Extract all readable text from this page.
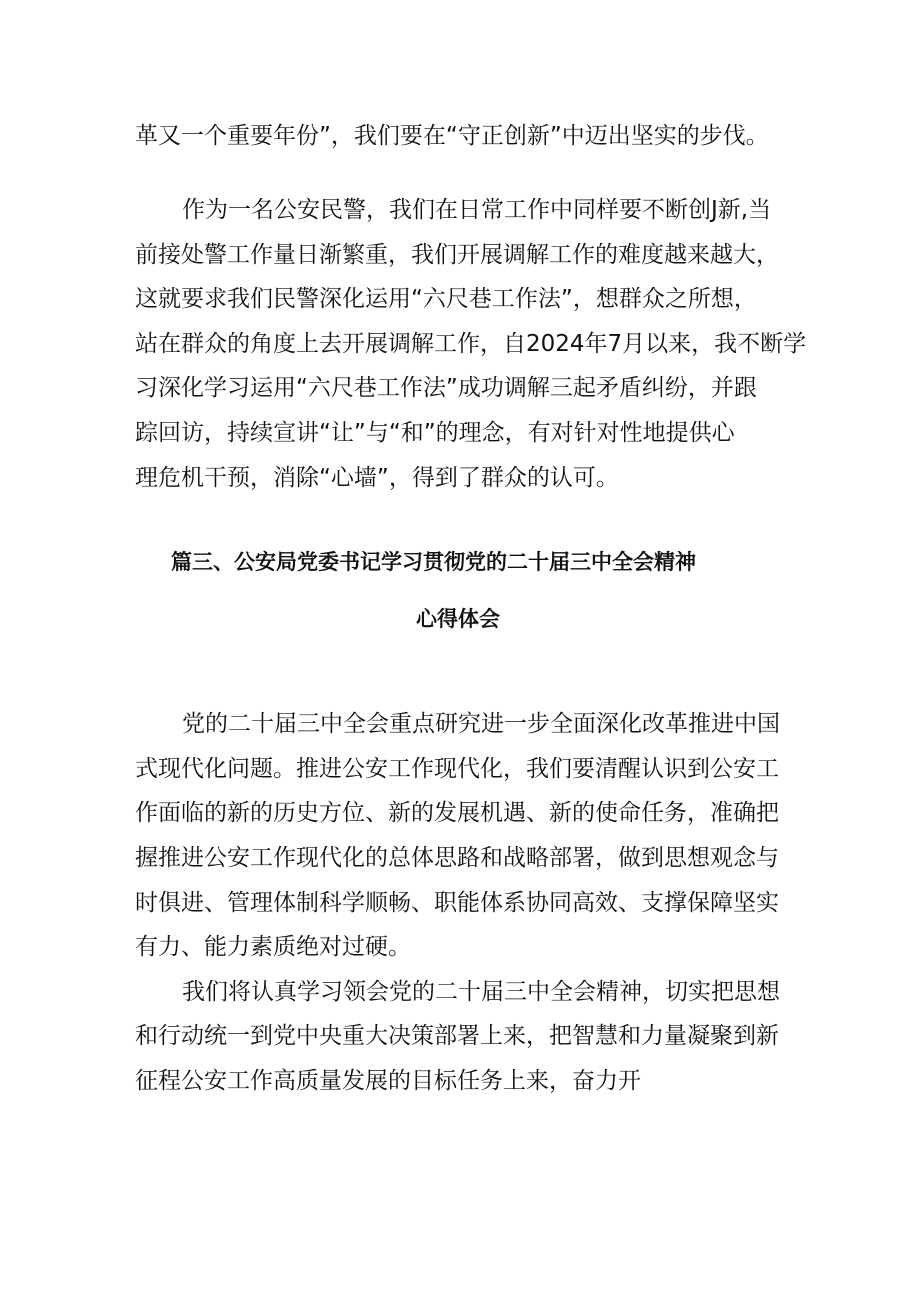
革又一个重要年份”，我们要在“守正创新”中迈出坚实的步伐。
作为一名公安民警，我们在日常工作中同样要不断创J新,当
前接处警工作量日渐繁重，我们开展调解工作的难度越来越大，
这就要求我们民警深化运用“六尺巷工作法”，想群众之所想，
站在群众的角度上去开展调解工作，自2024年7月以来，我不断学
习深化学习运用“六尺巷工作法”成功调解三起矛盾纠纷，并跟
踪回访，持续宣讲“让”与“和”的理念，有对针对性地提供心
理危机干预，消除“心墙”，得到了群众的认可。
篇三、公安局党委书记学习贯彻党的二十届三中全会精神
心得体会
党的二十届三中全会重点研究进一步全面深化改革推进中国
式现代化问题。推进公安工作现代化，我们要清醒认识到公安工
作面临的新的历史方位、新的发展机遇、新的使命任务，准确把
握推进公安工作现代化的总体思路和战略部署，做到思想观念与
时俱进、管理体制科学顺畅、职能体系协同高效、支撑保障坚实
有力、能力素质绝对过硬。
我们将认真学习领会党的二十届三中全会精神，切实把思想
和行动统一到党中央重大决策部署上来，把智慧和力量凝聚到新
征程公安工作高质量发展的目标任务上来，奋力开
